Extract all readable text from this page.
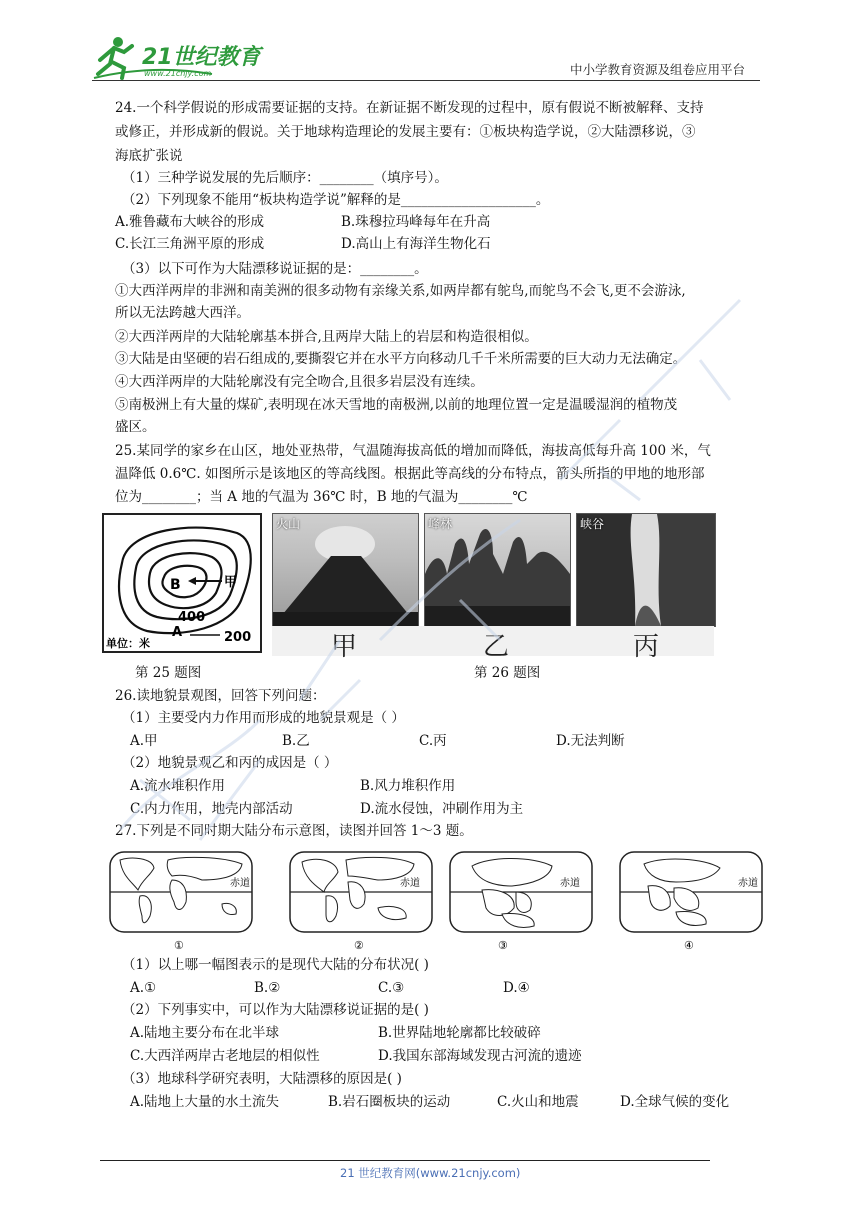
21世纪教育
www.21cnjy.com	中小学教育资源及组卷应用平台
24.一个科学假说的形成需要证据的支持。在新证据不断发现的过程中，原有假说不断被解释、支持
或修正，并形成新的假说。关于地球构造理论的发展主要有：①板块构造学说，②大陆漂移说，③
海底扩张说
（1）三种学说发展的先后顺序：________（填序号）。
（2）下列现象不能用“板块构造学说”解释的是____________________。
A.雅鲁藏布大峡谷的形成	B.珠穆拉玛峰每年在升高
C.长江三角洲平原的形成	D.高山上有海洋生物化石
（3）以下可作为大陆漂移说证据的是：________。
①大西洋两岸的非洲和南美洲的很多动物有亲缘关系,如两岸都有鸵鸟,而鸵鸟不会飞,更不会游泳,
所以无法跨越大西洋。
②大西洋两岸的大陆轮廓基本拼合,且两岸大陆上的岩层和构造很相似。
③大陆是由坚硬的岩石组成的,要撕裂它并在水平方向移动几千千米所需要的巨大动力无法确定。
④大西洋两岸的大陆轮廓没有完全吻合,且很多岩层没有连续。
⑤南极洲上有大量的煤矿,表明现在冰天雪地的南极洲,以前的地理位置一定是温暖湿润的植物茂
盛区。
25.某同学的家乡在山区，地处亚热带，气温随海拔高低的增加而降低，海拔高低每升高 100 米，气
温降低 0.6℃. 如图所示是该地区的等高线图。根据此等高线的分布特点，箭头所指的甲地的地形部
位为________；当 A 地的气温为 36℃ 时，B 地的气温为________℃
B	甲
400
单位：米
A	200
火山	峰林	峡谷
甲	乙	丙
第 25 题图	第 26 题图
26.读地貌景观图，回答下列问题：
（1）主要受内力作用而形成的地貌景观是（ ）
A.甲	B.乙	C.丙	D.无法判断
（2）地貌景观乙和丙的成因是（ ）
A.流水堆积作用	B.风力堆积作用
C.内力作用，地壳内部活动	D.流水侵蚀，冲刷作用为主
27.下列是不同时期大陆分布示意图，读图并回答 1～3 题。
赤道
①
赤道
②
赤道
③
赤道
④
（1）以上哪一幅图表示的是现代大陆的分布状况( )
A.①	B.②	C.③	D.④
（2）下列事实中，可以作为大陆漂移说证据的是( )
A.陆地主要分布在北半球	B.世界陆地轮廓都比较破碎
C.大西洋两岸古老地层的相似性	D.我国东部海域发现古河流的遗迹
（3）地球科学研究表明，大陆漂移的原因是( )
A.陆地上大量的水土流失	B.岩石圈板块的运动	C.火山和地震	D.全球气候的变化
21 世纪教育网(www.21cnjy.com)
